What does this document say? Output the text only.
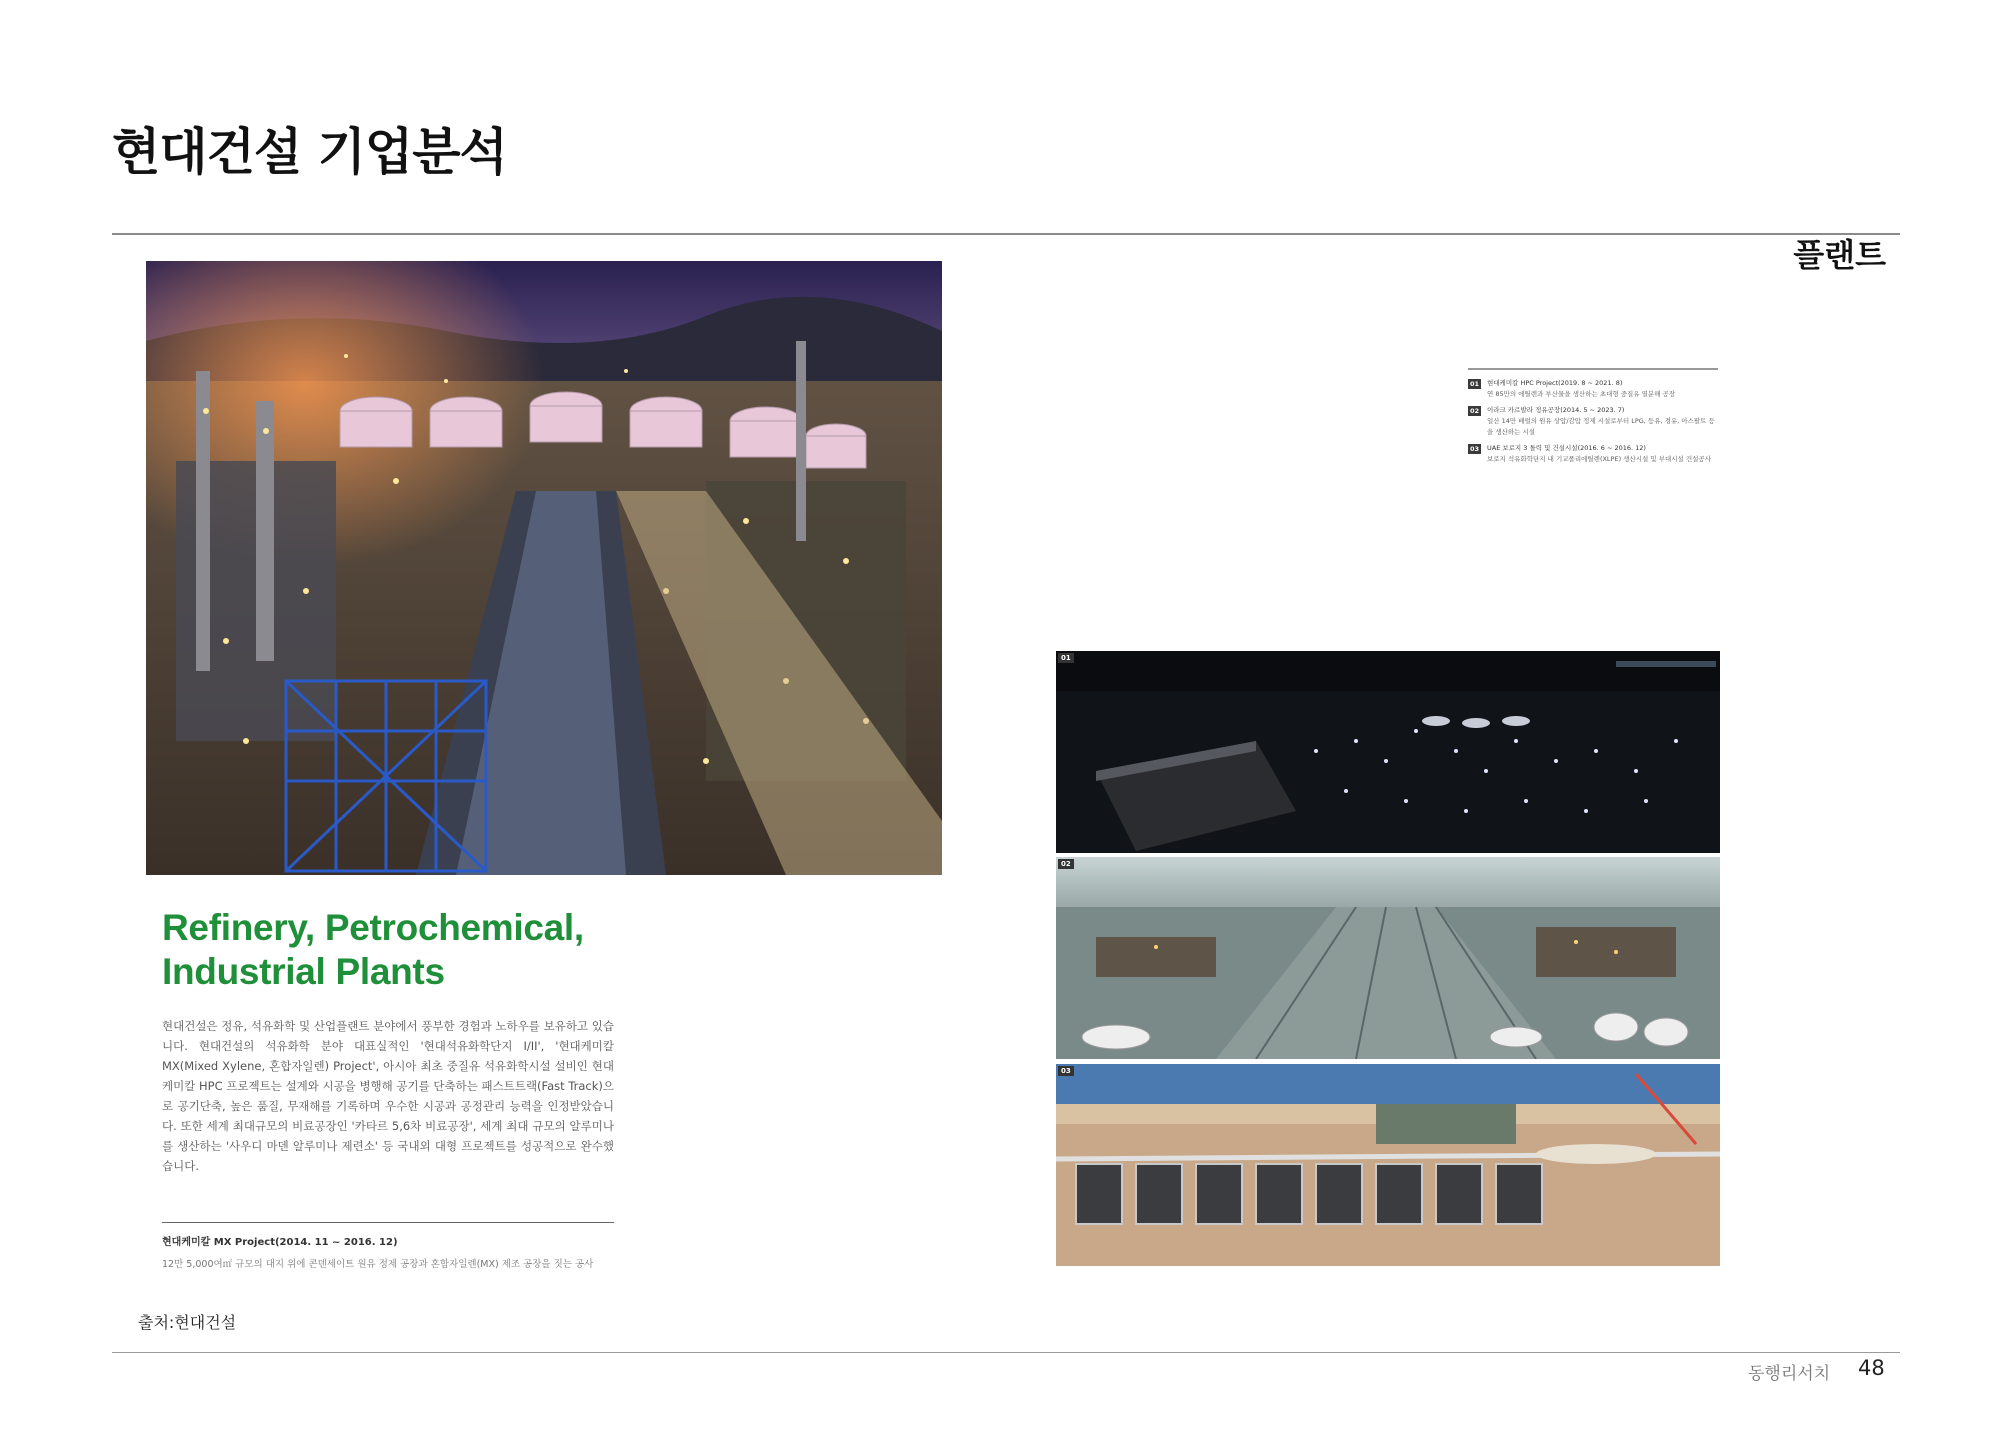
현대건설 기업분석
플랜트
Refinery, Petrochemical,
Industrial Plants
현대건설은 정유, 석유화학 및 산업플랜트 분야에서 풍부한 경험과 노하우를 보유하고 있습니다. 현대건설의 석유화학 분야 대표실적인 '현대석유화학단지 I/II', '현대케미칼 MX(Mixed Xylene, 혼합자일렌) Project', 아시아 최초 중질유 석유화학시설 설비인 현대케미칼 HPC 프로젝트는 설계와 시공을 병행해 공기를 단축하는 패스트트랙(Fast Track)으로 공기단축, 높은 품질, 무재해를 기록하며 우수한 시공과 공정관리 능력을 인정받았습니다. 또한 세계 최대규모의 비료공장인 '카타르 5,6차 비료공장', 세계 최대 규모의 알루미나를 생산하는 '사우디 마덴 알루미나 제련소' 등 국내외 대형 프로젝트를 성공적으로 완수했습니다.
현대케미칼 MX Project(2014. 11 ~ 2016. 12)
12만 5,000여㎡ 규모의 대지 위에 콘덴세이트 원유 정제 공장과 혼합자일렌(MX) 제조 공장을 짓는 공사
출처:현대건설
01	현대케미칼 HPC Project(2019. 8 ~ 2021. 8)
연 85만의 에틸렌과 부산물을 생산하는 초대형 중질유 열분해 공장
02	이라크 카르발라 정유공장(2014. 5 ~ 2023. 7)
일산 14만 배럴의 원유 상압/감압 정제 시설로부터 LPG, 등유, 경유, 아스팔트 등을 생산하는 시설
03	UAE 보로지 3 돌력 및 건설시설(2016. 6 ~ 2016. 12)
보로지 석유화학단지 내 기교폴리에틸렌(XLPE) 생산시설 및 부대시설 건설공사
01
02
03
동행리서치 48
